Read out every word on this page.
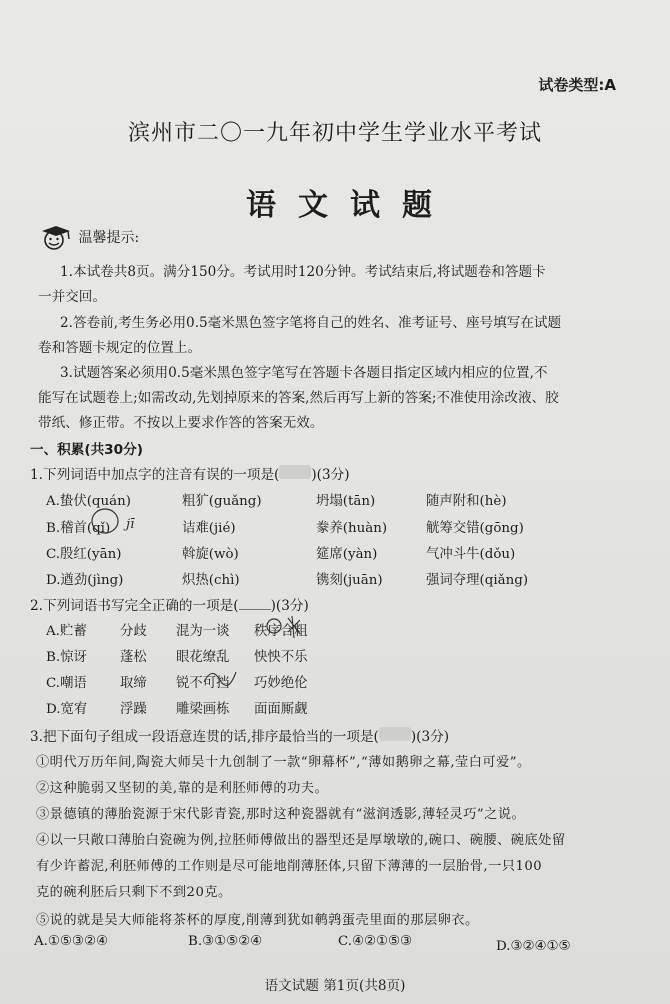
试卷类型:A
滨州市二〇一九年初中学生学业水平考试
语文试题
温馨提示:
1.本试卷共8页。满分150分。考试用时120分钟。考试结束后,将试题卷和答题卡
一并交回。
2.答卷前,考生务必用0.5毫米黑色签字笔将自己的姓名、准考证号、座号填写在试题
卷和答题卡规定的位置上。
3.试题答案必须用0.5毫米黑色签字笔写在答题卡各题目指定区域内相应的位置,不
能写在试题卷上;如需改动,先划掉原来的答案,然后再写上新的答案;不准使用涂改液、胶
带纸、修正带。不按以上要求作答的答案无效。
一、积累(共30分)
1.下列词语中加点字的注音有误的一项是( )(3分)
A.蛰伏(quán)	粗犷(guǎng)	坍塌(tān)	随声附和(hè)
B.稽首(qǐ) jī	诘难(jié)	豢养(huàn)	觥筹交错(gōng)
C.殷红(yān)	斡旋(wò)	筵席(yàn)	气冲斗牛(dǒu)
D.遒劲(jìng)	炽热(chì)	镌刻(juān)	强词夺理(qiǎng)
2.下列词语书写完全正确的一项是( )(3分)
A.贮蓄 分歧 混为一谈 秩序合粗
B.惊讶 蓬松 眼花缭乱 怏怏不乐
C.嘲语 取缔 锐不可挡 巧妙绝伦
D.宽宥 浮躁 雕梁画栋 面面厮觑
3.把下面句子组成一段语意连贯的话,排序最恰当的一项是( )(3分)
①明代万历年间,陶瓷大师吴十九创制了一款“卵幕杯”,“薄如鹅卵之幕,莹白可爱”。
②这种脆弱又坚韧的美,靠的是利胚师傅的功夫。
③景德镇的薄胎瓷源于宋代影青瓷,那时这种瓷器就有“滋润透影,薄轻灵巧”之说。
④以一只敞口薄胎白瓷碗为例,拉胚师傅做出的器型还是厚墩墩的,碗口、碗腰、碗底处留
有少许蓄泥,利胚师傅的工作则是尽可能地削薄胚体,只留下薄薄的一层胎骨,一只100
克的碗利胚后只剩下不到20克。
⑤说的就是吴大师能将茶杯的厚度,削薄到犹如鹌鹑蛋壳里面的那层卵衣。
A.①⑤③②④	B.③①⑤②④	C.④②①⑤③	D.③②④①⑤
语文试题 第1页(共8页)
